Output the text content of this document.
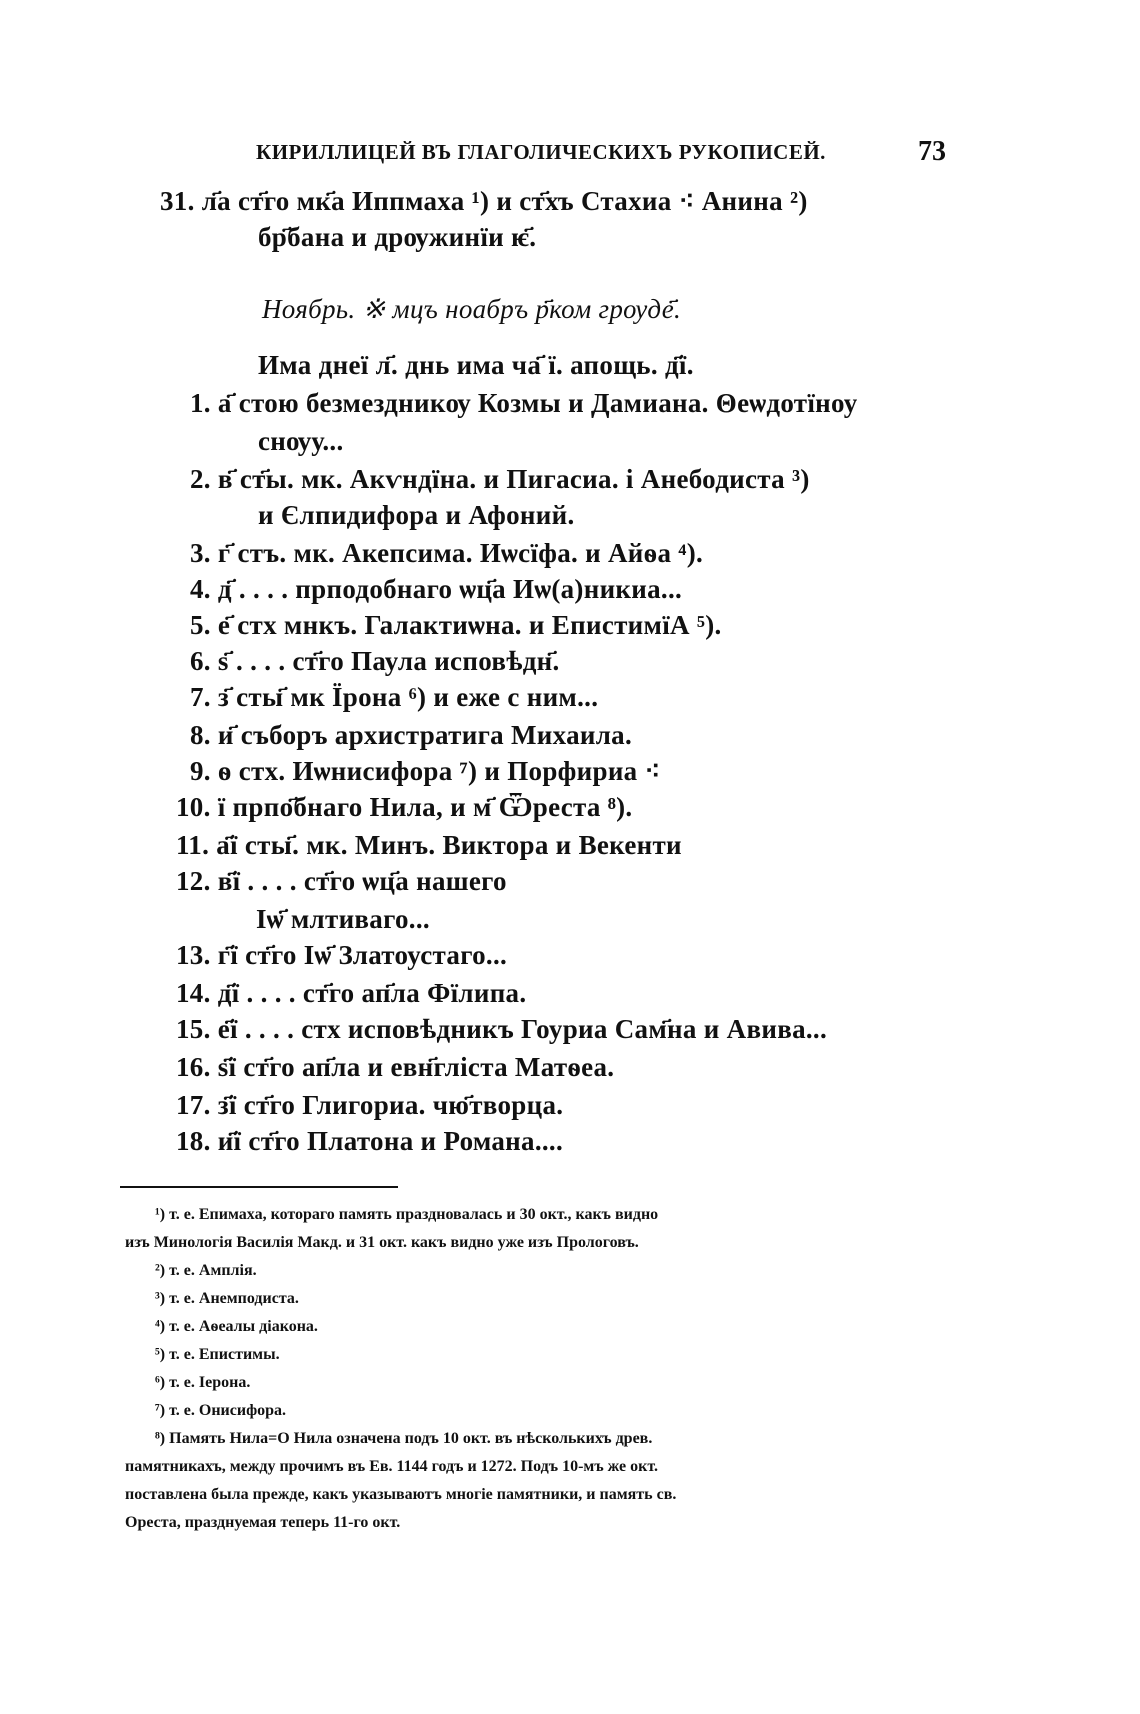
КИРИЛЛИЦЕЙ ВЪ ГЛАГОЛИЧЕСКИХЪ РУКОПИСЕЙ.	73
31. л҃а ст҃го мк҃а Иппмаха ¹) и ст҃хъ Стахиа ⁖ Анинa ²)
бр҃бана и дрѹжинїи ѥ҃.
Ноябрь. ※ мцъ ноабръ р҃ком грѹде҃.
Има днеї л҃. днь има ча҃ ї. апощь. д҃ї.
1. а҃ стою безмездникѹ Козмы и Дамиана. Θеѡдотїноу
снѹу...
2. в҃ ст҃ы. мк. Акѵндїна. и Пигасиа. і Анебодиста ³)
и Єлпидифора и Афоний.
3. г҃ стъ. мк. Акепсима. Иѡсїфа. и Айѳа ⁴).
4. д҃ . . . . прподобнаго ѡц҃а Иѡ(а)никиа...
5. е҃ стх мнкъ. Галактиѡна. и ЕпистимїА ⁵).
6. s҃ . . . . ст҃го Паула исповѣдн҃.
7. з҃ сты҃ мк Їрона ⁶) и еже с ним...
8. и҃ съборъ архистратига Михаила.
9. ѳ стх. Иѡнисифора ⁷) и Порфириа ⁖
10. ї прпо҃бнаго Нила, и м҃ Ѿреста ⁸).
11. а҃ї сты҃. мк. Минъ. Виктора и Векенти
12. в҃ї . . . . ст҃го ѡц҃а нашего
Іѡ҃ млтиваго...
13. г҃ї ст҃го Іѡ҃ Златоустаго...
14. д҃ї . . . . ст҃го ап҃ла Фїлипа.
15. е҃ї . . . . стх исповѣдникъ Гоуриа Сам҃на и Авива...
16. ѕ҃ї ст҃го ап҃ла и евн҃гліста Матѳеа.
17. з҃ї ст҃го Глигориа. чю҃творца.
18. и҃ї ст҃го Платона и Романа....
¹) т. е. Епимаха, котораго память праздновалась и 30 окт., какъ видно
изъ Минологія Василія Мaкд. и 31 окт. какъ видно уже изъ Прологовъ.
²) т. е. Амплія.
³) т. е. Анемподиста.
⁴) т. е. Аѳеалы діакона.
⁵) т. е. Епистимы.
⁶) т. е. Іерона.
⁷) т. е. Онисифора.
⁸) Память Нила=О Нила означена подъ 10 окт. въ нѣсколькихъ древ.
памятникахъ, между прочимъ въ Ев. 1144 годъ и 1272. Подъ 10-мъ же окт.
поставлена была прежде, какъ указываютъ многіе памятники, и память св.
Ореста, празднуемая теперь 11-го окт.
